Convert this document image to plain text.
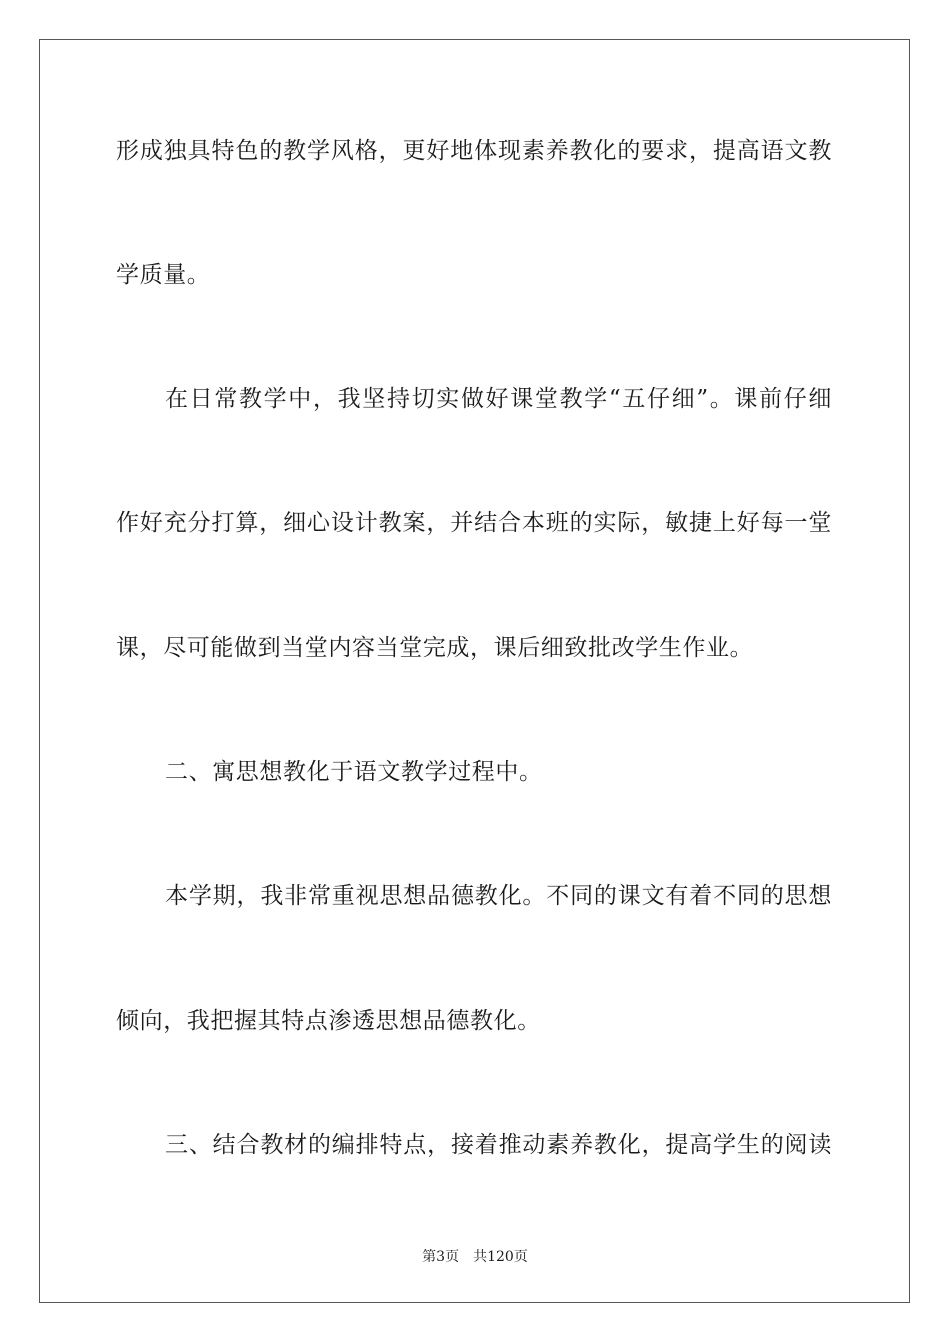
形成独具特色的教学风格，更好地体现素养教化的要求，提高语文教
学质量。
在日常教学中，我坚持切实做好课堂教学“五仔细”。课前仔细
作好充分打算，细心设计教案，并结合本班的实际，敏捷上好每一堂
课，尽可能做到当堂内容当堂完成，课后细致批改学生作业。
二、寓思想教化于语文教学过程中。
本学期，我非常重视思想品德教化。不同的课文有着不同的思想
倾向，我把握其特点渗透思想品德教化。
三、结合教材的编排特点，接着推动素养教化，提高学生的阅读
第3页 共120页
